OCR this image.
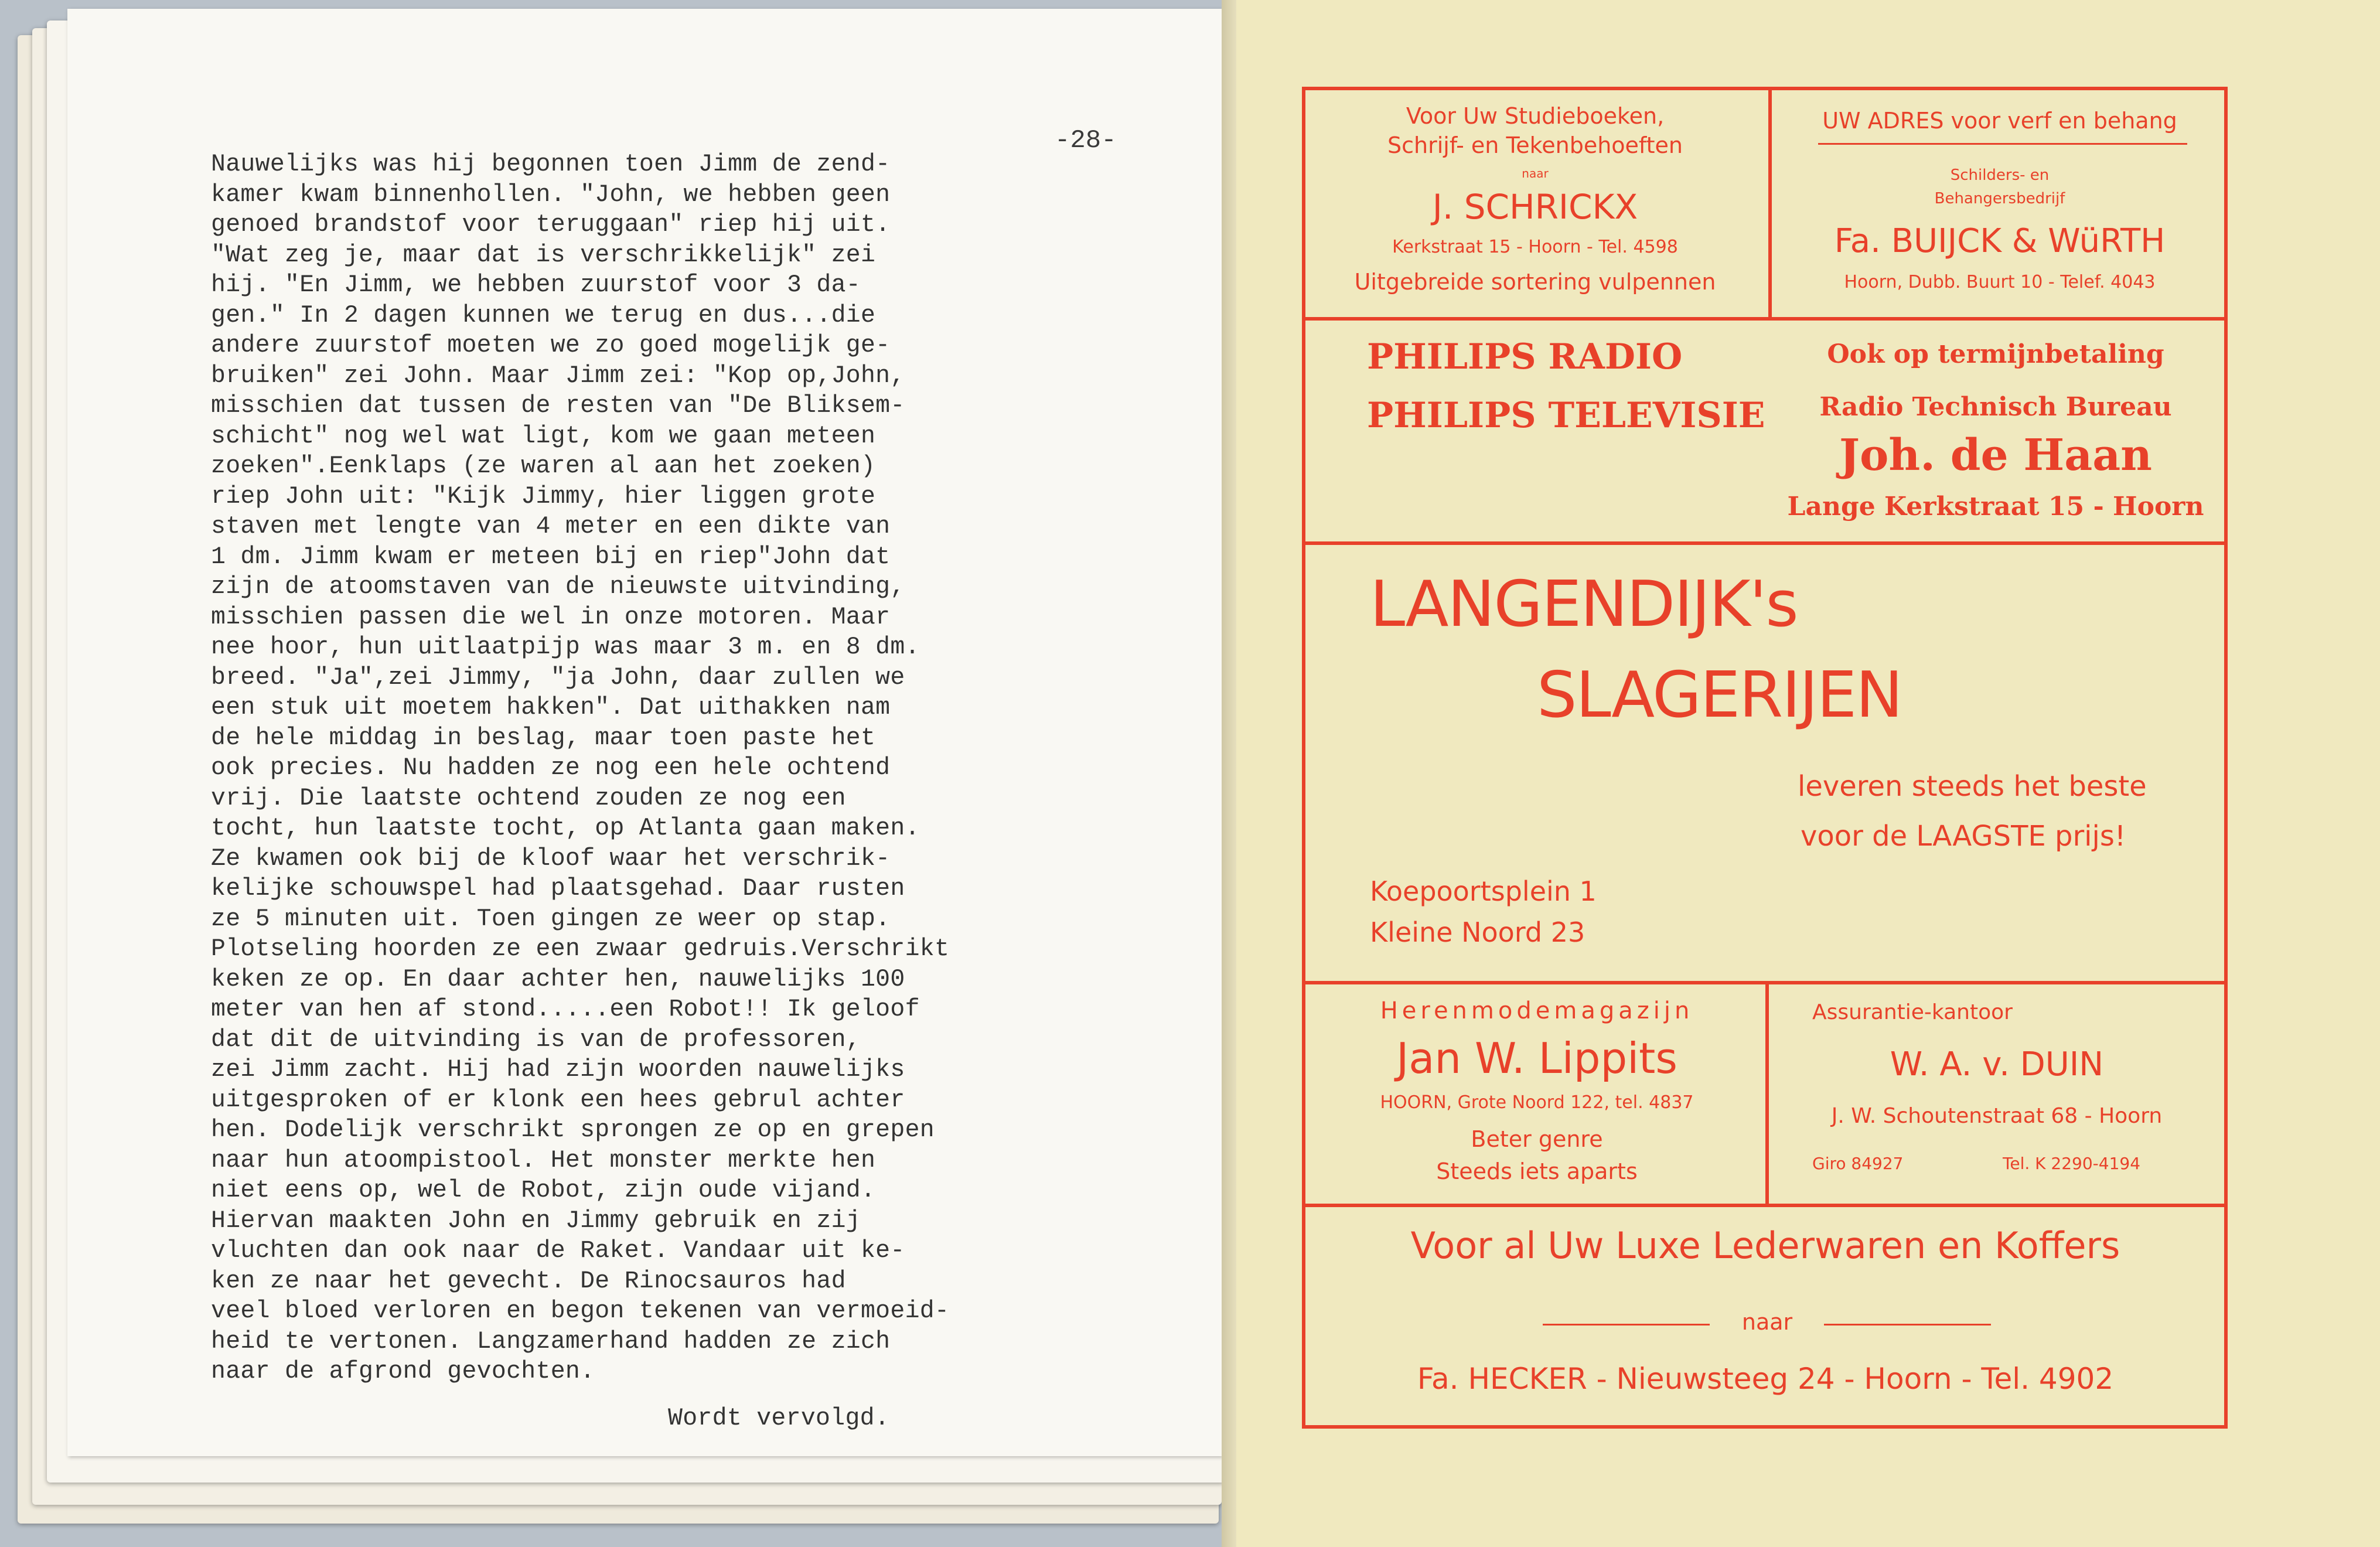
-28-
Nauwelijks was hij begonnen toen Jimm de zend-
kamer kwam binnenhollen. "John, we hebben geen
genoed brandstof voor teruggaan" riep hij uit.
"Wat zeg je, maar dat is verschrikkelijk" zei
hij. "En Jimm, we hebben zuurstof voor 3 da-
gen." In 2 dagen kunnen we terug en dus...die
andere zuurstof moeten we zo goed mogelijk ge-
bruiken" zei John. Maar Jimm zei: "Kop op,John,
misschien dat tussen de resten van "De Bliksem-
schicht" nog wel wat ligt, kom we gaan meteen
zoeken".Eenklaps (ze waren al aan het zoeken)
riep John uit: "Kijk Jimmy, hier liggen grote
staven met lengte van 4 meter en een dikte van
1 dm. Jimm kwam er meteen bij en riep"John dat
zijn de atoomstaven van de nieuwste uitvinding,
misschien passen die wel in onze motoren. Maar
nee hoor, hun uitlaatpijp was maar 3 m. en 8 dm.
breed. "Ja",zei Jimmy, "ja John, daar zullen we
een stuk uit moetem hakken". Dat uithakken nam
de hele middag in beslag, maar toen paste het
ook precies. Nu hadden ze nog een hele ochtend
vrij. Die laatste ochtend zouden ze nog een
tocht, hun laatste tocht, op Atlanta gaan maken.
Ze kwamen ook bij de kloof waar het verschrik-
kelijke schouwspel had plaatsgehad. Daar rusten
ze 5 minuten uit. Toen gingen ze weer op stap.
Plotseling hoorden ze een zwaar gedruis.Verschrikt
keken ze op. En daar achter hen, nauwelijks 100
meter van hen af stond.....een Robot!! Ik geloof
dat dit de uitvinding is van de professoren,
zei Jimm zacht. Hij had zijn woorden nauwelijks
uitgesproken of er klonk een hees gebrul achter
hen. Dodelijk verschrikt sprongen ze op en grepen
naar hun atoompistool. Het monster merkte hen
niet eens op, wel de Robot, zijn oude vijand.
Hiervan maakten John en Jimmy gebruik en zij
vluchten dan ook naar de Raket. Vandaar uit ke-
ken ze naar het gevecht. De Rinocsauros had
veel bloed verloren en begon tekenen van vermoeid-
heid te vertonen. Langzamerhand hadden ze zich
naar de afgrond gevochten.
Wordt vervolgd.
Voor Uw Studieboeken,
Schrijf- en Tekenbehoeften
naar
J. SCHRICKX
Kerkstraat 15 - Hoorn - Tel. 4598
Uitgebreide sortering vulpennen
UW ADRES voor verf en behang
Schilders- en
Behangersbedrijf
Fa. BUIJCK & WüRTH
Hoorn, Dubb. Buurt 10 - Telef. 4043
PHILIPS RADIO
PHILIPS TELEVISIE
Ook op termijnbetaling
Radio Technisch Bureau
Joh. de Haan
Lange Kerkstraat 15 - Hoorn
LANGENDIJK's
SLAGERIJEN
leveren steeds het beste
voor de LAAGSTE prijs!
Koepoortsplein 1
Kleine Noord 23
Herenmodemagazijn
Jan W. Lippits
HOORN, Grote Noord 122, tel. 4837
Beter genre
Steeds iets aparts
Assurantie-kantoor
W. A. v. DUIN
J. W. Schoutenstraat 68 - Hoorn
Giro 84927	Tel. K 2290-4194
Voor al Uw Luxe Lederwaren en Koffers
naar
Fa. HECKER - Nieuwsteeg 24 - Hoorn - Tel. 4902
